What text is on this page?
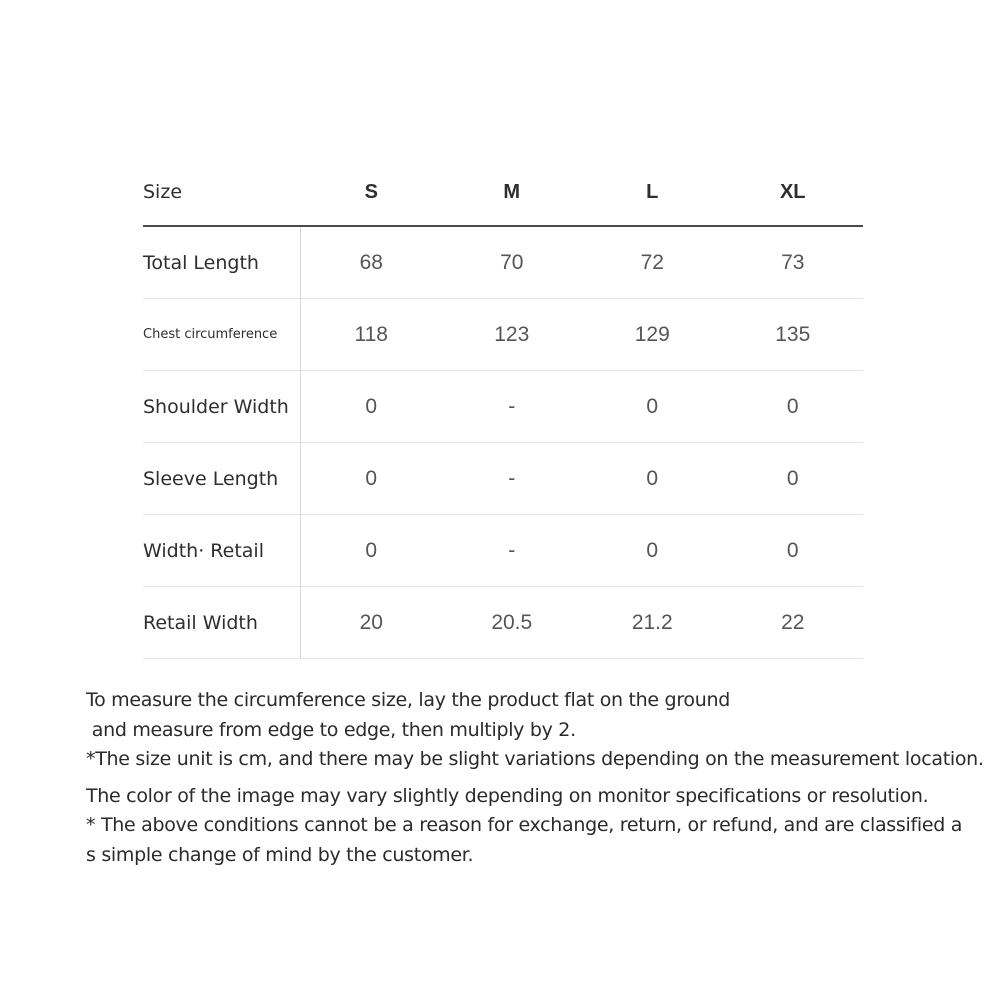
Size	S	M	L	XL
Total Length	68	70	72	73
Chest circumference	118	123	129	135
Shoulder Width	0	-	0	0
Sleeve Length	0	-	0	0
Width· Retail	0	-	0	0
Retail Width	20	20.5	21.2	22

To measure the circumference size, lay the product flat on the ground

and measure from edge to edge, then multiply by 2.

*The size unit is cm, and there may be slight variations depending on the measurement location.

The color of the image may vary slightly depending on monitor specifications or resolution.

* The above conditions cannot be a reason for exchange, return, or refund, and are classified a

s simple change of mind by the customer.
